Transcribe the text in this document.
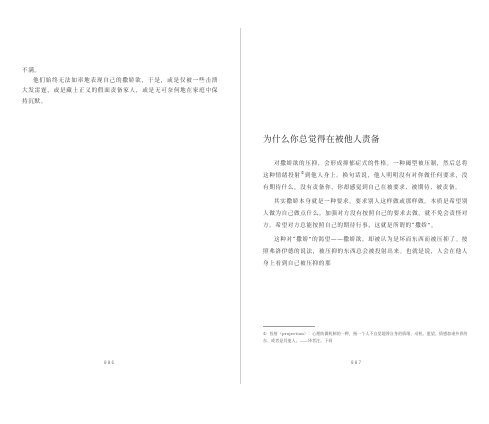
不满。

他们始终无法如率地表现自己的撒娇欲，于是，或是仅被一些击溃大发雷霆，或是藏上正义的假面责备家人，或是无可奈何地在家庭中保持沉默。

006
为什么你总觉得在被他人责备

对撒娇欲的压抑，会形成抑郁症式的性格。一种阈型被压制，然后总将这种情绪投射①到他人身上。换句话说，他人明明没有对你做任何要求，没有期待什么，没有责备你，你却感觉到自己在被要求、被期待、被责备。

其实撒娇本身就是一种要求，要求别人这样做或那样做。本质是希望别人做为自己做点什么。加强对方没有按照自己的要求去做，就不免会责怪对方。希望对方总能按照自己的期待行事，这就是所谓的“撒娇”。

这种对“撒娇”的渴望——撒娇欲，却被认为是坏而东西而被压抑了。按照弗洛伊德的说法，被压抑的东西总会被投射出来。也就是说，人会在他人身上看到自己被压抑的那

① 投射（projection）：心理防御机制的一种，指一个人不自觉地将自身的情绪、动机、愿望、情感加诸外界的东、或者是其他人。——译者注。下同

007
